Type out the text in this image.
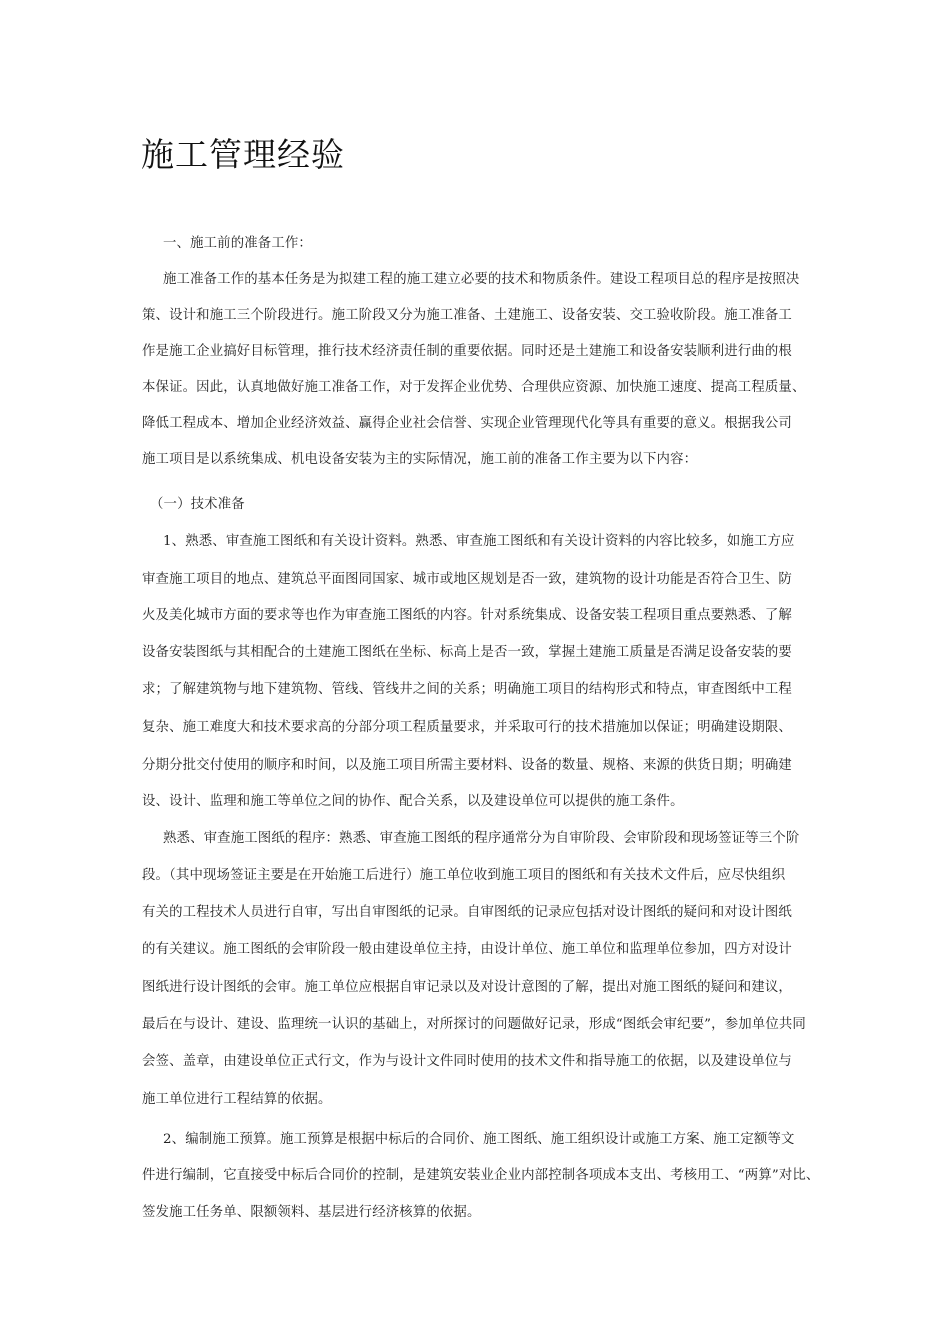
施工管理经验
一、施工前的准备工作：
施工准备工作的基本任务是为拟建工程的施工建立必要的技术和物质条件。建设工程项目总的程序是按照决
策、设计和施工三个阶段进行。施工阶段又分为施工准备、土建施工、设备安装、交工验收阶段。施工准备工
作是施工企业搞好目标管理，推行技术经济责任制的重要依据。同时还是土建施工和设备安装顺利进行曲的根
本保证。因此，认真地做好施工准备工作，对于发挥企业优势、合理供应资源、加快施工速度、提高工程质量、
降低工程成本、增加企业经济效益、赢得企业社会信誉、实现企业管理现代化等具有重要的意义。根据我公司
施工项目是以系统集成、机电设备安装为主的实际情况，施工前的准备工作主要为以下内容：
（一）技术准备
1、熟悉、审查施工图纸和有关设计资料。熟悉、审查施工图纸和有关设计资料的内容比较多，如施工方应
审查施工项目的地点、建筑总平面图同国家、城市或地区规划是否一致，建筑物的设计功能是否符合卫生、防
火及美化城市方面的要求等也作为审查施工图纸的内容。针对系统集成、设备安装工程项目重点要熟悉、了解
设备安装图纸与其相配合的土建施工图纸在坐标、标高上是否一致，掌握土建施工质量是否满足设备安装的要
求；了解建筑物与地下建筑物、管线、管线井之间的关系；明确施工项目的结构形式和特点，审查图纸中工程
复杂、施工难度大和技术要求高的分部分项工程质量要求，并采取可行的技术措施加以保证；明确建设期限、
分期分批交付使用的顺序和时间，以及施工项目所需主要材料、设备的数量、规格、来源的供货日期；明确建
设、设计、监理和施工等单位之间的协作、配合关系，以及建设单位可以提供的施工条件。
熟悉、审查施工图纸的程序：熟悉、审查施工图纸的程序通常分为自审阶段、会审阶段和现场签证等三个阶
段。（其中现场签证主要是在开始施工后进行）施工单位收到施工项目的图纸和有关技术文件后，应尽快组织
有关的工程技术人员进行自审，写出自审图纸的记录。自审图纸的记录应包括对设计图纸的疑问和对设计图纸
的有关建议。施工图纸的会审阶段一般由建设单位主持，由设计单位、施工单位和监理单位参加，四方对设计
图纸进行设计图纸的会审。施工单位应根据自审记录以及对设计意图的了解，提出对施工图纸的疑问和建议，
最后在与设计、建设、监理统一认识的基础上，对所探讨的问题做好记录，形成“图纸会审纪要”，参加单位共同
会签、盖章，由建设单位正式行文，作为与设计文件同时使用的技术文件和指导施工的依据，以及建设单位与
施工单位进行工程结算的依据。
2、编制施工预算。施工预算是根据中标后的合同价、施工图纸、施工组织设计或施工方案、施工定额等文
件进行编制，它直接受中标后合同价的控制，是建筑安装业企业内部控制各项成本支出、考核用工、“两算”对比、
签发施工任务单、限额领料、基层进行经济核算的依据。
